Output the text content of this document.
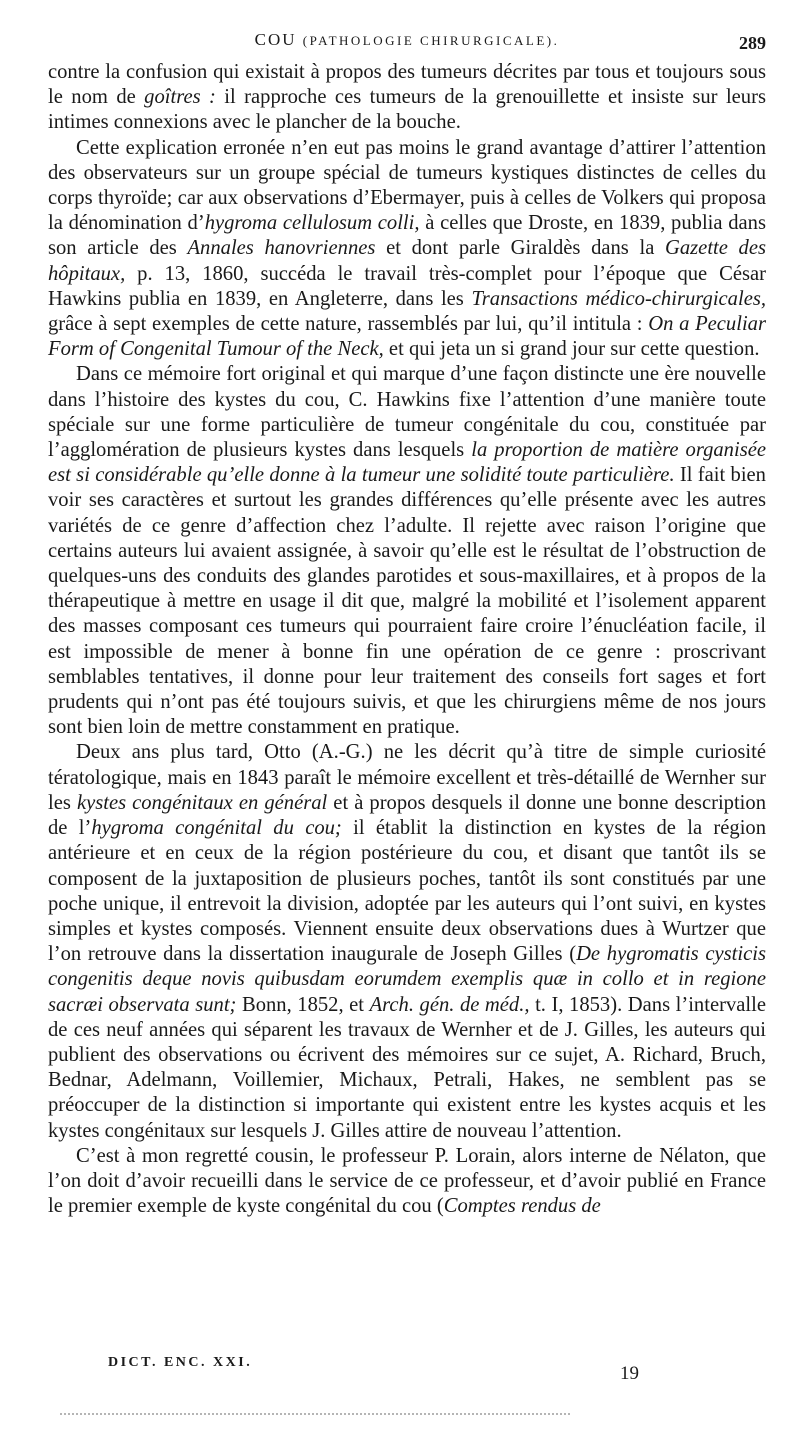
COU (PATHOLOGIE CHIRURGICALE).	289

contre la confusion qui existait à propos des tumeurs décrites par tous et toujours sous le nom de goîtres : il rapproche ces tumeurs de la grenouillette et insiste sur leurs intimes connexions avec le plancher de la bouche.

Cette explication erronée n’en eut pas moins le grand avantage d’attirer l’attention des observateurs sur un groupe spécial de tumeurs kystiques distinctes de celles du corps thyroïde; car aux observations d’Ebermayer, puis à celles de Volkers qui proposa la dénomination d’hygroma cellulosum colli, à celles que Droste, en 1839, publia dans son article des Annales hanovriennes et dont parle Giraldès dans la Gazette des hôpitaux, p. 13, 1860, succéda le travail très-complet pour l’époque que César Hawkins publia en 1839, en Angleterre, dans les Transactions médico-chirurgicales, grâce à sept exemples de cette nature, rassemblés par lui, qu’il intitula : On a Peculiar Form of Congenital Tumour of the Neck, et qui jeta un si grand jour sur cette question.

Dans ce mémoire fort original et qui marque d’une façon distincte une ère nouvelle dans l’histoire des kystes du cou, C. Hawkins fixe l’attention d’une manière toute spéciale sur une forme particulière de tumeur congénitale du cou, constituée par l’agglomération de plusieurs kystes dans lesquels la proportion de matière organisée est si considérable qu’elle donne à la tumeur une solidité toute particulière. Il fait bien voir ses caractères et surtout les grandes différences qu’elle présente avec les autres variétés de ce genre d’affection chez l’adulte. Il rejette avec raison l’origine que certains auteurs lui avaient assignée, à savoir qu’elle est le résultat de l’obstruction de quelques-uns des conduits des glandes parotides et sous-maxillaires, et à propos de la thérapeutique à mettre en usage il dit que, malgré la mobilité et l’isolement apparent des masses composant ces tumeurs qui pourraient faire croire l’énucléation facile, il est impossible de mener à bonne fin une opération de ce genre : proscrivant semblables tentatives, il donne pour leur traitement des conseils fort sages et fort prudents qui n’ont pas été toujours suivis, et que les chirurgiens même de nos jours sont bien loin de mettre constamment en pratique.

Deux ans plus tard, Otto (A.-G.) ne les décrit qu’à titre de simple curiosité tératologique, mais en 1843 paraît le mémoire excellent et très-détaillé de Wernher sur les kystes congénitaux en général et à propos desquels il donne une bonne description de l’hygroma congénital du cou; il établit la distinction en kystes de la région antérieure et en ceux de la région postérieure du cou, et disant que tantôt ils se composent de la juxtaposition de plusieurs poches, tantôt ils sont constitués par une poche unique, il entrevoit la division, adoptée par les auteurs qui l’ont suivi, en kystes simples et kystes composés. Viennent ensuite deux observations dues à Wurtzer que l’on retrouve dans la dissertation inaugurale de Joseph Gilles (De hygromatis cysticis congenitis deque novis quibusdam eorumdem exemplis quæ in collo et in regione sacræi observata sunt; Bonn, 1852, et Arch. gén. de méd., t. I, 1853). Dans l’intervalle de ces neuf années qui séparent les travaux de Wernher et de J. Gilles, les auteurs qui publient des observations ou écrivent des mémoires sur ce sujet, A. Richard, Bruch, Bednar, Adelmann, Voillemier, Michaux, Petrali, Hakes, ne semblent pas se préoccuper de la distinction si importante qui existent entre les kystes acquis et les kystes congénitaux sur lesquels J. Gilles attire de nouveau l’attention.

C’est à mon regretté cousin, le professeur P. Lorain, alors interne de Nélaton, que l’on doit d’avoir recueilli dans le service de ce professeur, et d’avoir publié en France le premier exemple de kyste congénital du cou (Comptes rendus de

DICT. ENC. XXI.
19
